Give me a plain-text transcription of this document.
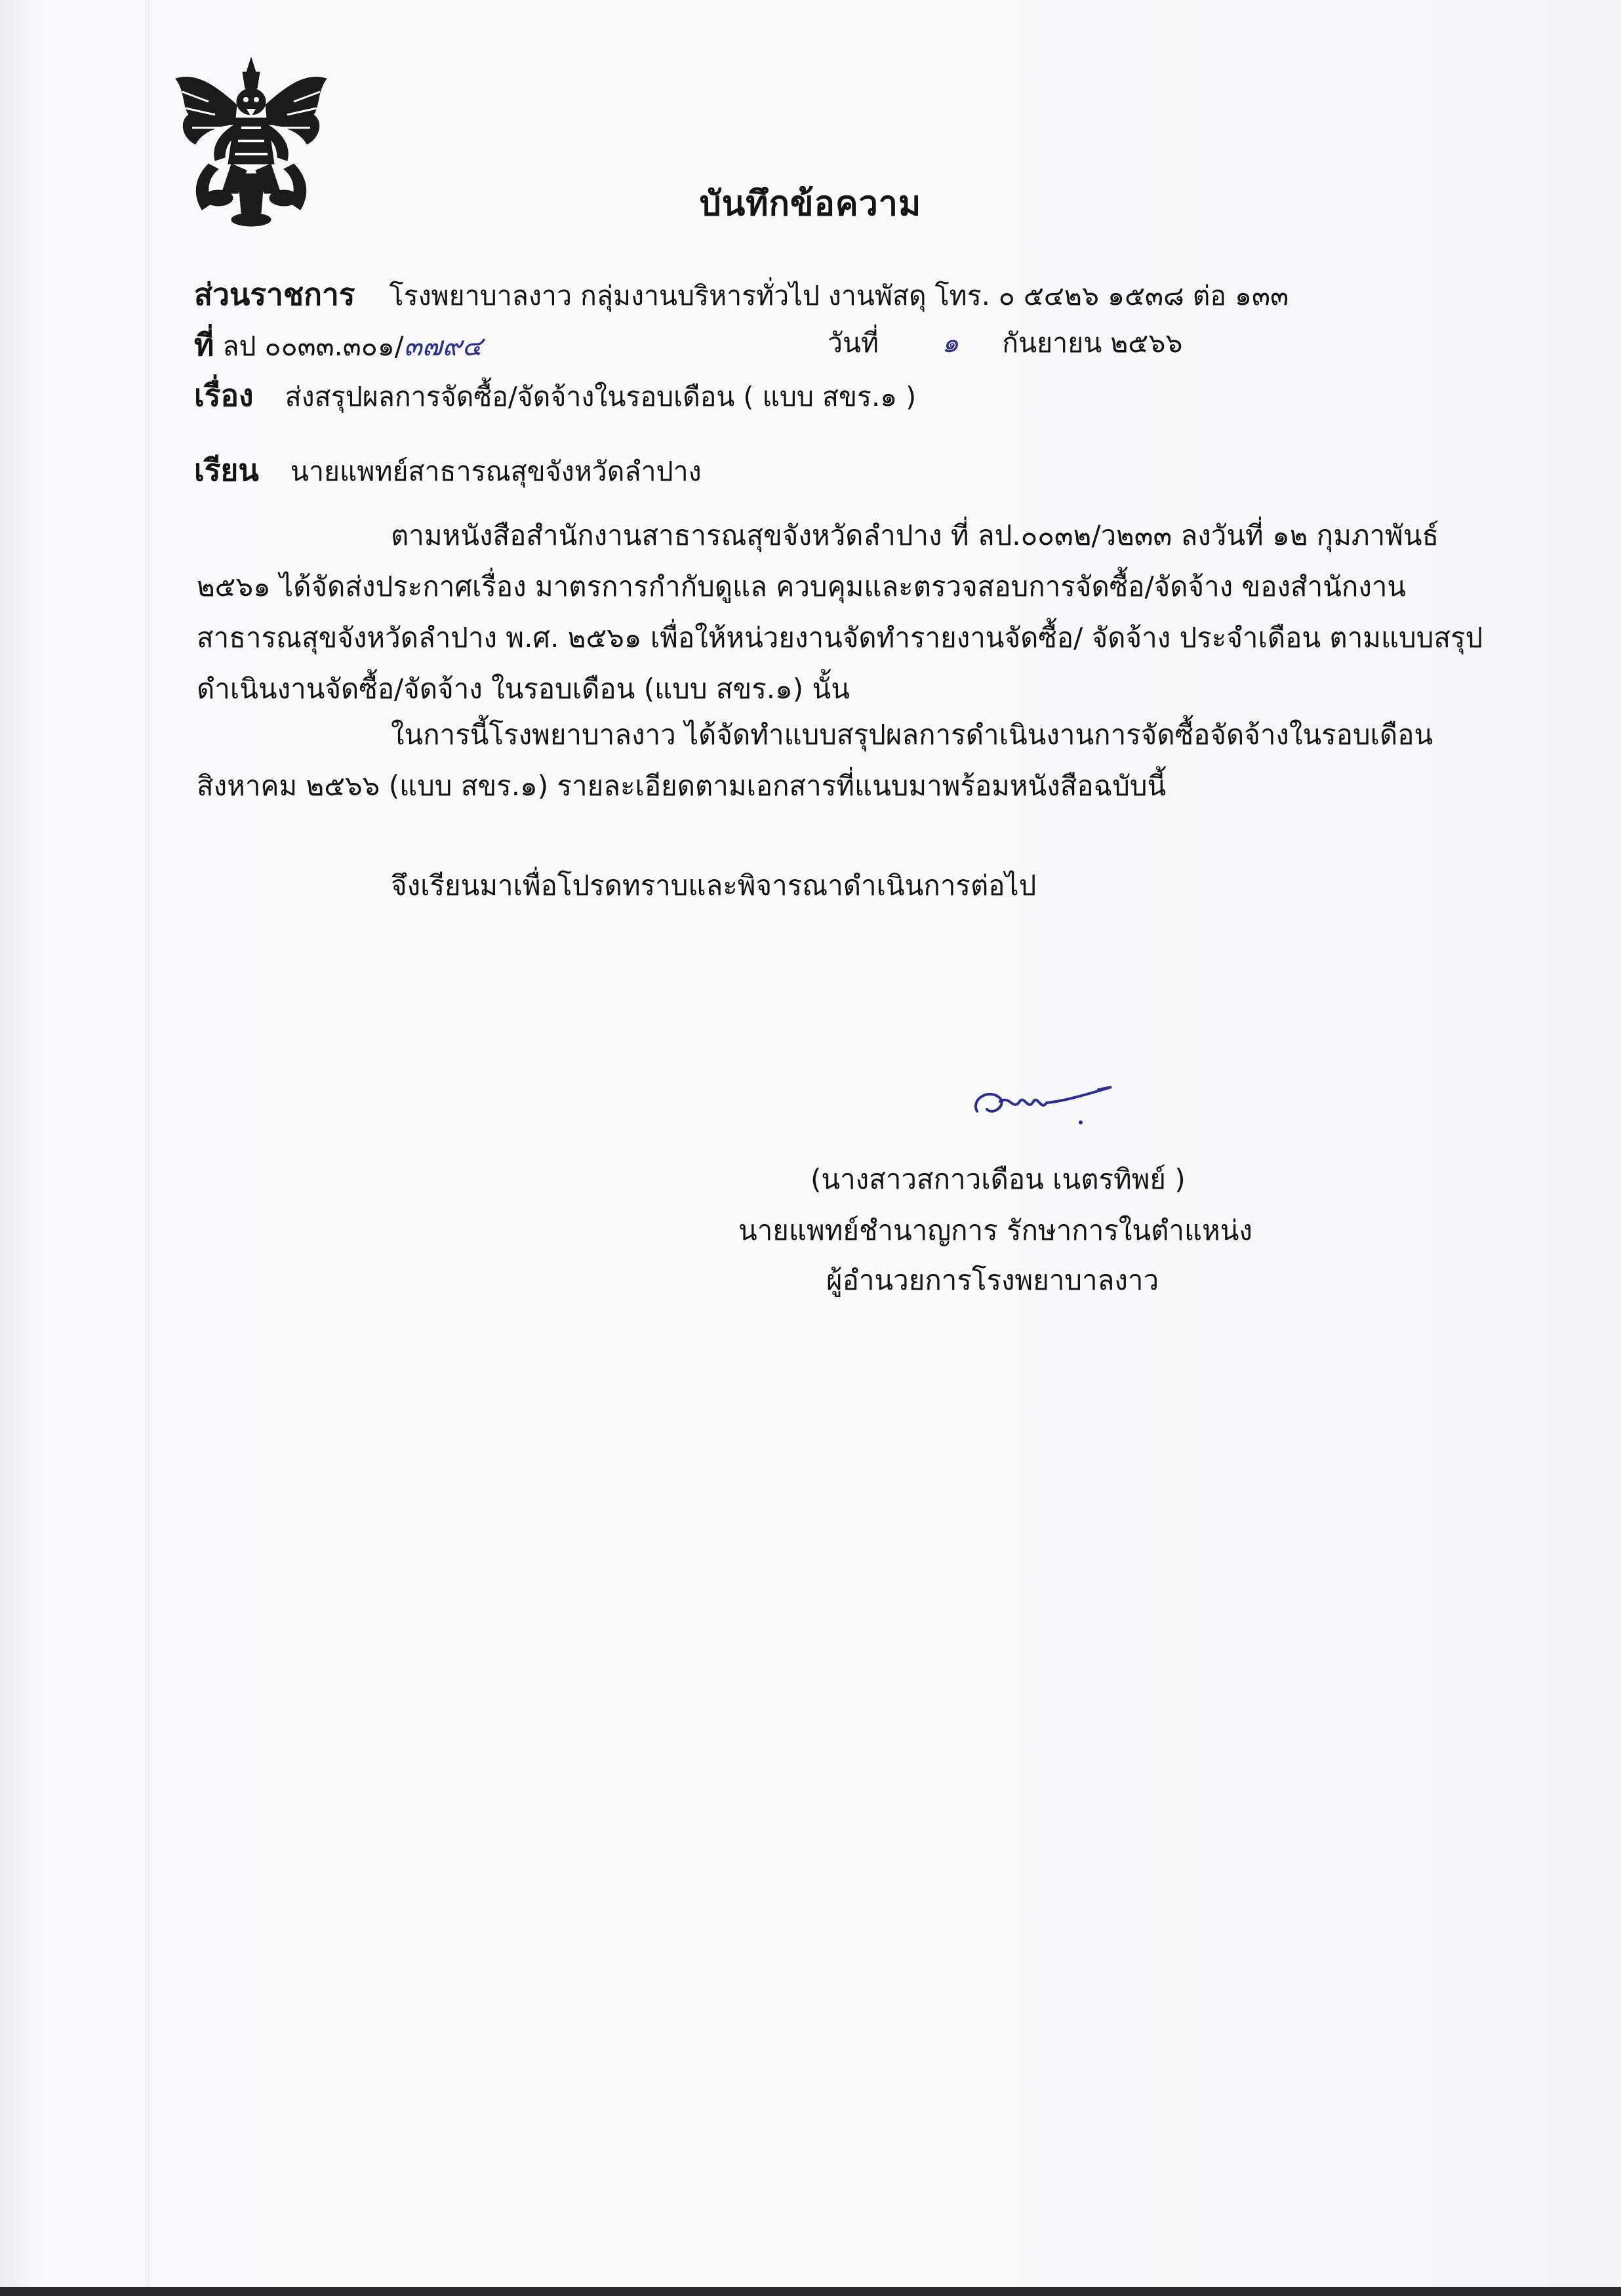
บันทึกข้อความ
ส่วนราชการ โรงพยาบาลงาว กลุ่มงานบริหารทั่วไป งานพัสดุ โทร. ๐ ๕๔๒๖ ๑๕๓๘ ต่อ ๑๓๓
ที่ ลป ๐๐๓๓.๓๐๑/๓๗๙๔	วันที่ ๑ กันยายน ๒๕๖๖
เรื่อง ส่งสรุปผลการจัดซื้อ/จัดจ้างในรอบเดือน ( แบบ สขร.๑ )
เรียน นายแพทย์สาธารณสุขจังหวัดลำปาง
ตามหนังสือสำนักงานสาธารณสุขจังหวัดลำปาง ที่ ลป.๐๐๓๒/ว๒๓๓ ลงวันที่ ๑๒ กุมภาพันธ์
๒๕๖๑ ได้จัดส่งประกาศเรื่อง มาตรการกำกับดูแล ควบคุมและตรวจสอบการจัดซื้อ/จัดจ้าง ของสำนักงาน
สาธารณสุขจังหวัดลำปาง พ.ศ. ๒๕๖๑ เพื่อให้หน่วยงานจัดทำรายงานจัดซื้อ/ จัดจ้าง ประจำเดือน ตามแบบสรุป
ดำเนินงานจัดซื้อ/จัดจ้าง ในรอบเดือน (แบบ สขร.๑) นั้น
ในการนี้โรงพยาบาลงาว ได้จัดทำแบบสรุปผลการดำเนินงานการจัดซื้อจัดจ้างในรอบเดือน
สิงหาคม ๒๕๖๖ (แบบ สขร.๑) รายละเอียดตามเอกสารที่แนบมาพร้อมหนังสือฉบับนี้
จึงเรียนมาเพื่อโปรดทราบและพิจารณาดำเนินการต่อไป
(นางสาวสกาวเดือน เนตรทิพย์ )
นายแพทย์ชำนาญการ รักษาการในตำแหน่ง
ผู้อำนวยการโรงพยาบาลงาว
